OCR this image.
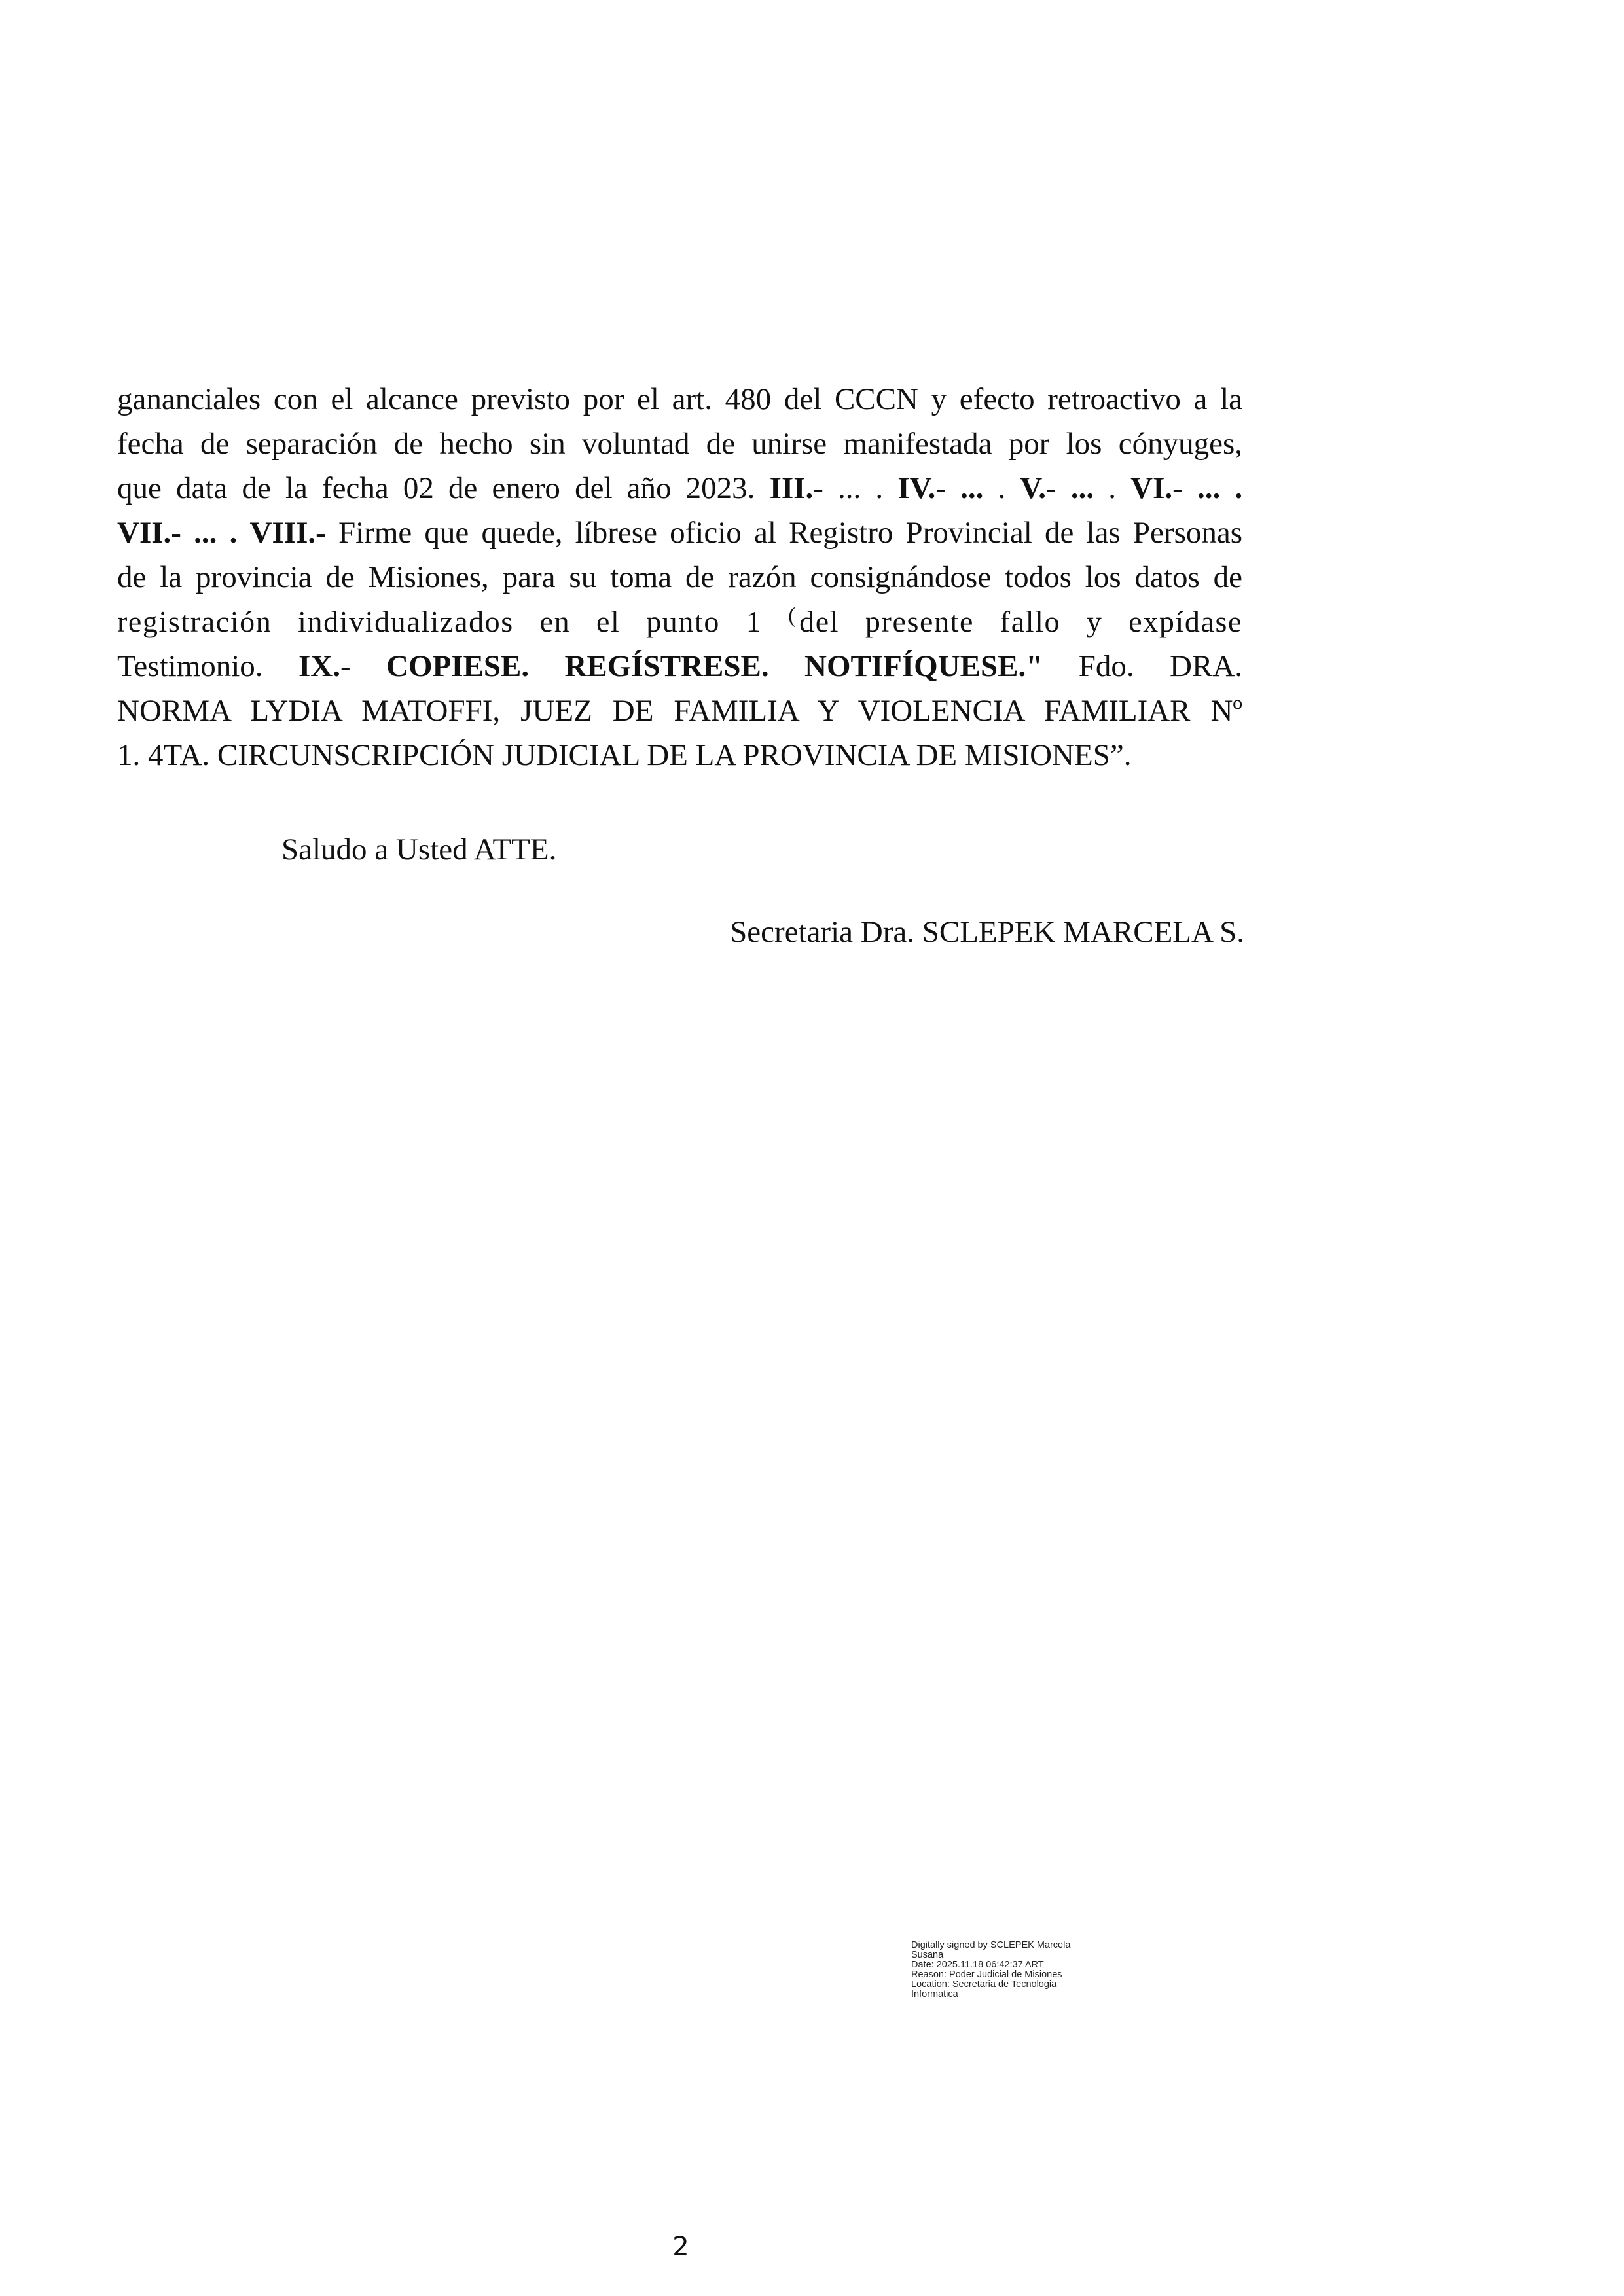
gananciales con el alcance previsto por el art. 480 del CCCN y efecto retroactivo a la
fecha de separación de hecho sin voluntad de unirse manifestada por los cónyuges,
que data de la fecha 02 de enero del año 2023. III.- ... . IV.- ... . V.- ... . VI.- ... .
VII.- ... . VIII.- Firme que quede, líbrese oficio al Registro Provincial de las Personas
de la provincia de Misiones, para su toma de razón consignándose todos los datos de
registración individualizados en el punto 1 (del presente fallo y expídase
Testimonio. IX.- COPIESE. REGÍSTRESE. NOTIFÍQUESE." Fdo. DRA.
NORMA LYDIA MATOFFI, JUEZ DE FAMILIA Y VIOLENCIA FAMILIAR Nº
1. 4TA. CIRCUNSCRIPCIÓN JUDICIAL DE LA PROVINCIA DE MISIONES”.
Saludo a Usted ATTE.
Secretaria Dra. SCLEPEK MARCELA S.
Digitally signed by SCLEPEK Marcela
Susana
Date: 2025.11.18 06:42:37 ART
Reason: Poder Judicial de Misiones
Location: Secretaria de Tecnologia
Informatica
2
